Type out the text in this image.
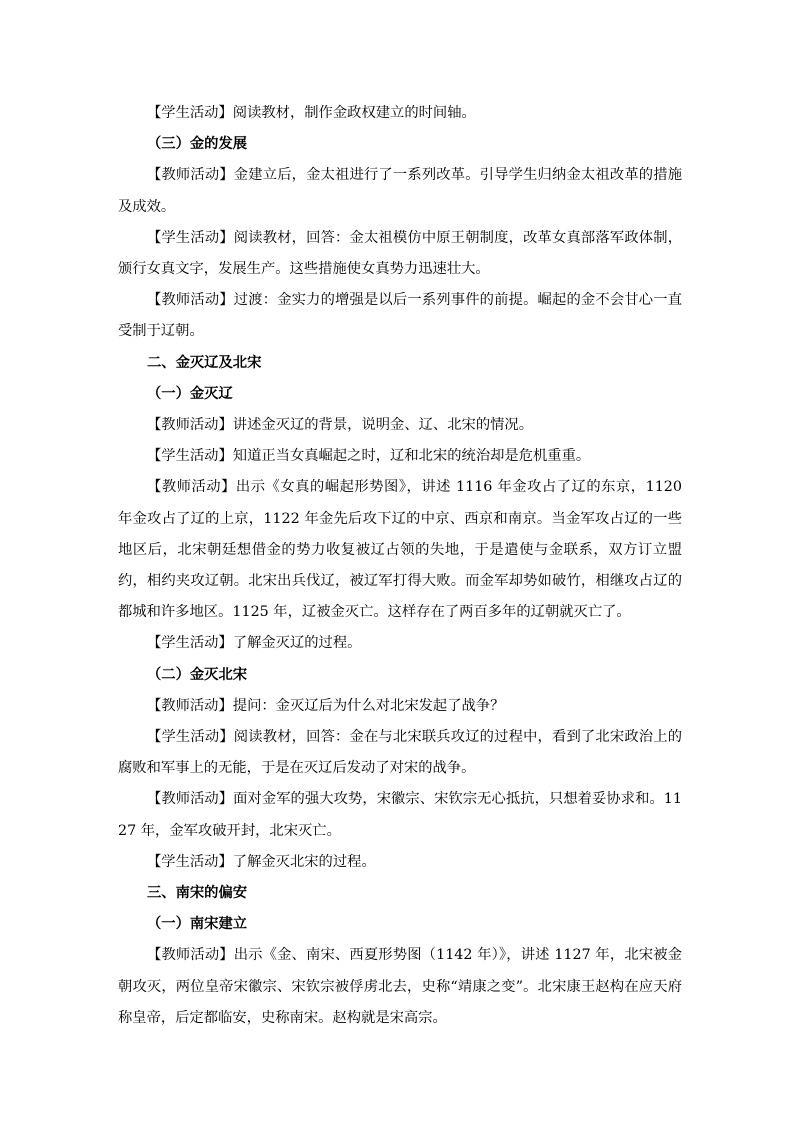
【学生活动】阅读教材，制作金政权建立的时间轴。

（三）金的发展

【教师活动】金建立后，金太祖进行了一系列改革。引导学生归纳金太祖改革的措施及成效。

【学生活动】阅读教材，回答：金太祖模仿中原王朝制度，改革女真部落军政体制，颁行女真文字，发展生产。这些措施使女真势力迅速壮大。

【教师活动】过渡：金实力的增强是以后一系列事件的前提。崛起的金不会甘心一直受制于辽朝。

二、金灭辽及北宋

（一）金灭辽

【教师活动】讲述金灭辽的背景，说明金、辽、北宋的情况。

【学生活动】知道正当女真崛起之时，辽和北宋的统治却是危机重重。

【教师活动】出示《女真的崛起形势图》，讲述 1116 年金攻占了辽的东京，1120 年金攻占了辽的上京，1122 年金先后攻下辽的中京、西京和南京。当金军攻占辽的一些地区后，北宋朝廷想借金的势力收复被辽占领的失地，于是遣使与金联系，双方订立盟约，相约夹攻辽朝。北宋出兵伐辽，被辽军打得大败。而金军却势如破竹，相继攻占辽的都城和许多地区。1125 年，辽被金灭亡。这样存在了两百多年的辽朝就灭亡了。

【学生活动】了解金灭辽的过程。

（二）金灭北宋

【教师活动】提问：金灭辽后为什么对北宋发起了战争？

【学生活动】阅读教材，回答：金在与北宋联兵攻辽的过程中，看到了北宋政治上的腐败和军事上的无能，于是在灭辽后发动了对宋的战争。

【教师活动】面对金军的强大攻势，宋徽宗、宋钦宗无心抵抗，只想着妥协求和。1127 年，金军攻破开封，北宋灭亡。

【学生活动】了解金灭北宋的过程。

三、南宋的偏安

（一）南宋建立

【教师活动】出示《金、南宋、西夏形势图（1142 年）》，讲述 1127 年，北宋被金朝攻灭，两位皇帝宋徽宗、宋钦宗被俘虏北去，史称“靖康之变”。北宋康王赵构在应天府称皇帝，后定都临安，史称南宋。赵构就是宋高宗。
